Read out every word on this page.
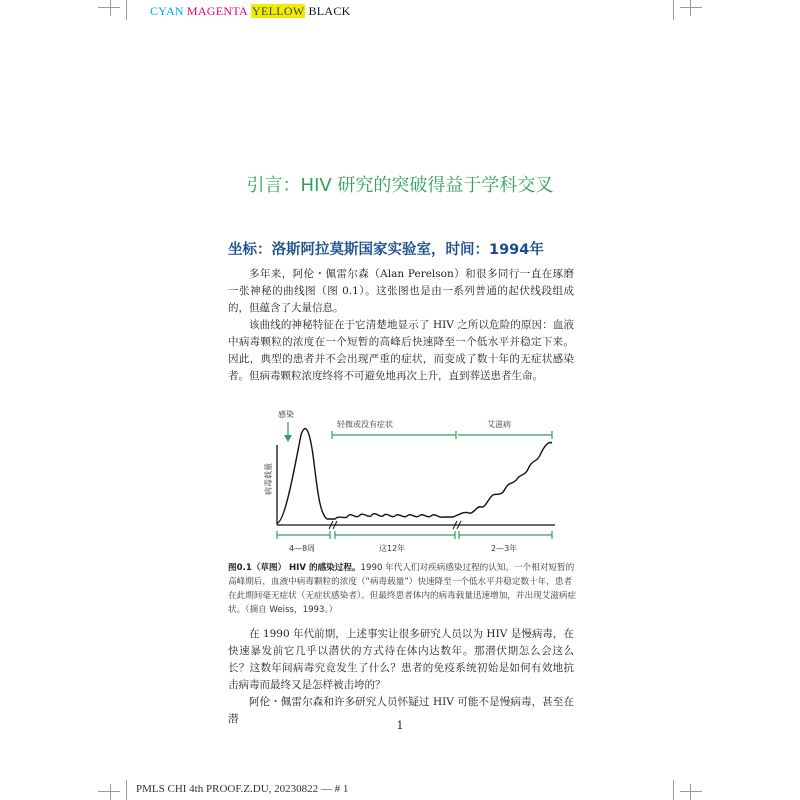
CYAN MAGENTA YELLOW BLACK
引言：HIV 研究的突破得益于学科交叉
坐标：洛斯阿拉莫斯国家实验室，时间：1994年

多年来，阿伦・佩雷尔森（Alan Perelson）和很多同行一直在琢磨一张神秘的曲线图（图 0.1）。这张图也是由一系列普通的起伏线段组成的，但蕴含了大量信息。

该曲线的神秘特征在于它清楚地显示了 HIV 之所以危险的原因：血液中病毒颗粒的浓度在一个短暂的高峰后快速降至一个低水平并稳定下来。因此，典型的患者并不会出现严重的症状，而变成了数十年的无症状感染者。但病毒颗粒浓度终将不可避免地再次上升，直到葬送患者生命。

感染
轻微或没有症状	艾滋病
病毒载量
4—8周	这12年	2—3年
图0.1（草图） HIV 的感染过程。1990 年代人们对疾病感染过程的认知。一个相对短暂的高峰期后，血液中病毒颗粒的浓度（“病毒载量”）快速降至一个低水平并稳定数十年，患者在此期间毫无症状（无症状感染者）。但最终患者体内的病毒载量迅速增加，并出现艾滋病症状。（摘自 Weiss，1993。）

在 1990 年代前期，上述事实让很多研究人员以为 HIV 是慢病毒，在快速暴发前它几乎以潜伏的方式待在体内达数年。那潜伏期怎么会这么长？这数年间病毒究竟发生了什么？患者的免疫系统初始是如何有效地抗击病毒而最终又是怎样被击垮的？

阿伦・佩雷尔森和许多研究人员怀疑过 HIV 可能不是慢病毒，甚至在潜	1
PMLS CHI 4th PROOF.Z.DU, 20230822 — # 1
